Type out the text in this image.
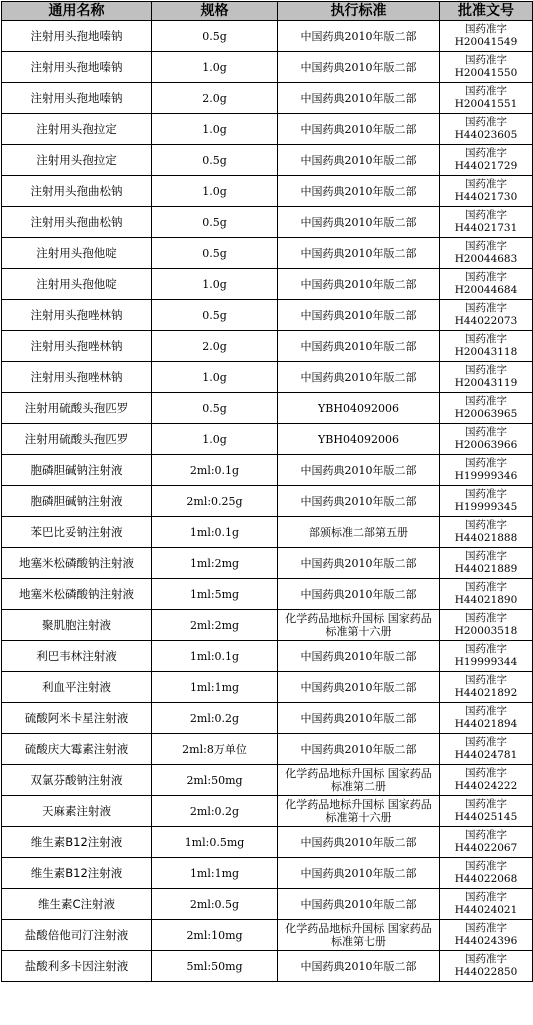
通用名称	规格	执行标准	批准文号
注射用头孢地嗪钠	0.5g	中国药典2010年版二部	国药准字
H20041549

注射用头孢地嗪钠	1.0g	中国药典2010年版二部	国药准字
H20041550

注射用头孢地嗪钠	2.0g	中国药典2010年版二部	国药准字
H20041551

注射用头孢拉定	1.0g	中国药典2010年版二部	国药准字
H44023605

注射用头孢拉定	0.5g	中国药典2010年版二部	国药准字
H44021729

注射用头孢曲松钠	1.0g	中国药典2010年版二部	国药准字
H44021730

注射用头孢曲松钠	0.5g	中国药典2010年版二部	国药准字
H44021731

注射用头孢他啶	0.5g	中国药典2010年版二部	国药准字
H20044683

注射用头孢他啶	1.0g	中国药典2010年版二部	国药准字
H20044684

注射用头孢唑林钠	0.5g	中国药典2010年版二部	国药准字
H44022073

注射用头孢唑林钠	2.0g	中国药典2010年版二部	国药准字
H20043118

注射用头孢唑林钠	1.0g	中国药典2010年版二部	国药准字
H20043119

注射用硫酸头孢匹罗	0.5g	YBH04092006	国药准字
H20063965

注射用硫酸头孢匹罗	1.0g	YBH04092006	国药准字
H20063966

胞磷胆碱钠注射液	2ml:0.1g	中国药典2010年版二部	国药准字
H19999346

胞磷胆碱钠注射液	2ml:0.25g	中国药典2010年版二部	国药准字
H19999345

苯巴比妥钠注射液	1ml:0.1g	部颁标准二部第五册	国药准字
H44021888

地塞米松磷酸钠注射液	1ml:2mg	中国药典2010年版二部	国药准字
H44021889

地塞米松磷酸钠注射液	1ml:5mg	中国药典2010年版二部	国药准字
H44021890

聚肌胞注射液	2ml:2mg	化学药品地标升国标 国家药品标准第十六册	国药准字
H20003518

利巴韦林注射液	1ml:0.1g	中国药典2010年版二部	国药准字
H19999344

利血平注射液	1ml:1mg	中国药典2010年版二部	国药准字
H44021892

硫酸阿米卡星注射液	2ml:0.2g	中国药典2010年版二部	国药准字
H44021894

硫酸庆大霉素注射液	2ml:8万单位	中国药典2010年版二部	国药准字
H44024781

双氯芬酸钠注射液	2ml:50mg	化学药品地标升国标 国家药品标准第二册	国药准字
H44024222

天麻素注射液	2ml:0.2g	化学药品地标升国标 国家药品标准第十六册	国药准字
H44025145

维生素B12注射液	1ml:0.5mg	中国药典2010年版二部	国药准字
H44022067

维生素B12注射液	1ml:1mg	中国药典2010年版二部	国药准字
H44022068

维生素C注射液	2ml:0.5g	中国药典2010年版二部	国药准字
H44024021

盐酸倍他司汀注射液	2ml:10mg	化学药品地标升国标 国家药品标准第七册	国药准字
H44024396

盐酸利多卡因注射液	5ml:50mg	中国药典2010年版二部	国药准字
H44022850
